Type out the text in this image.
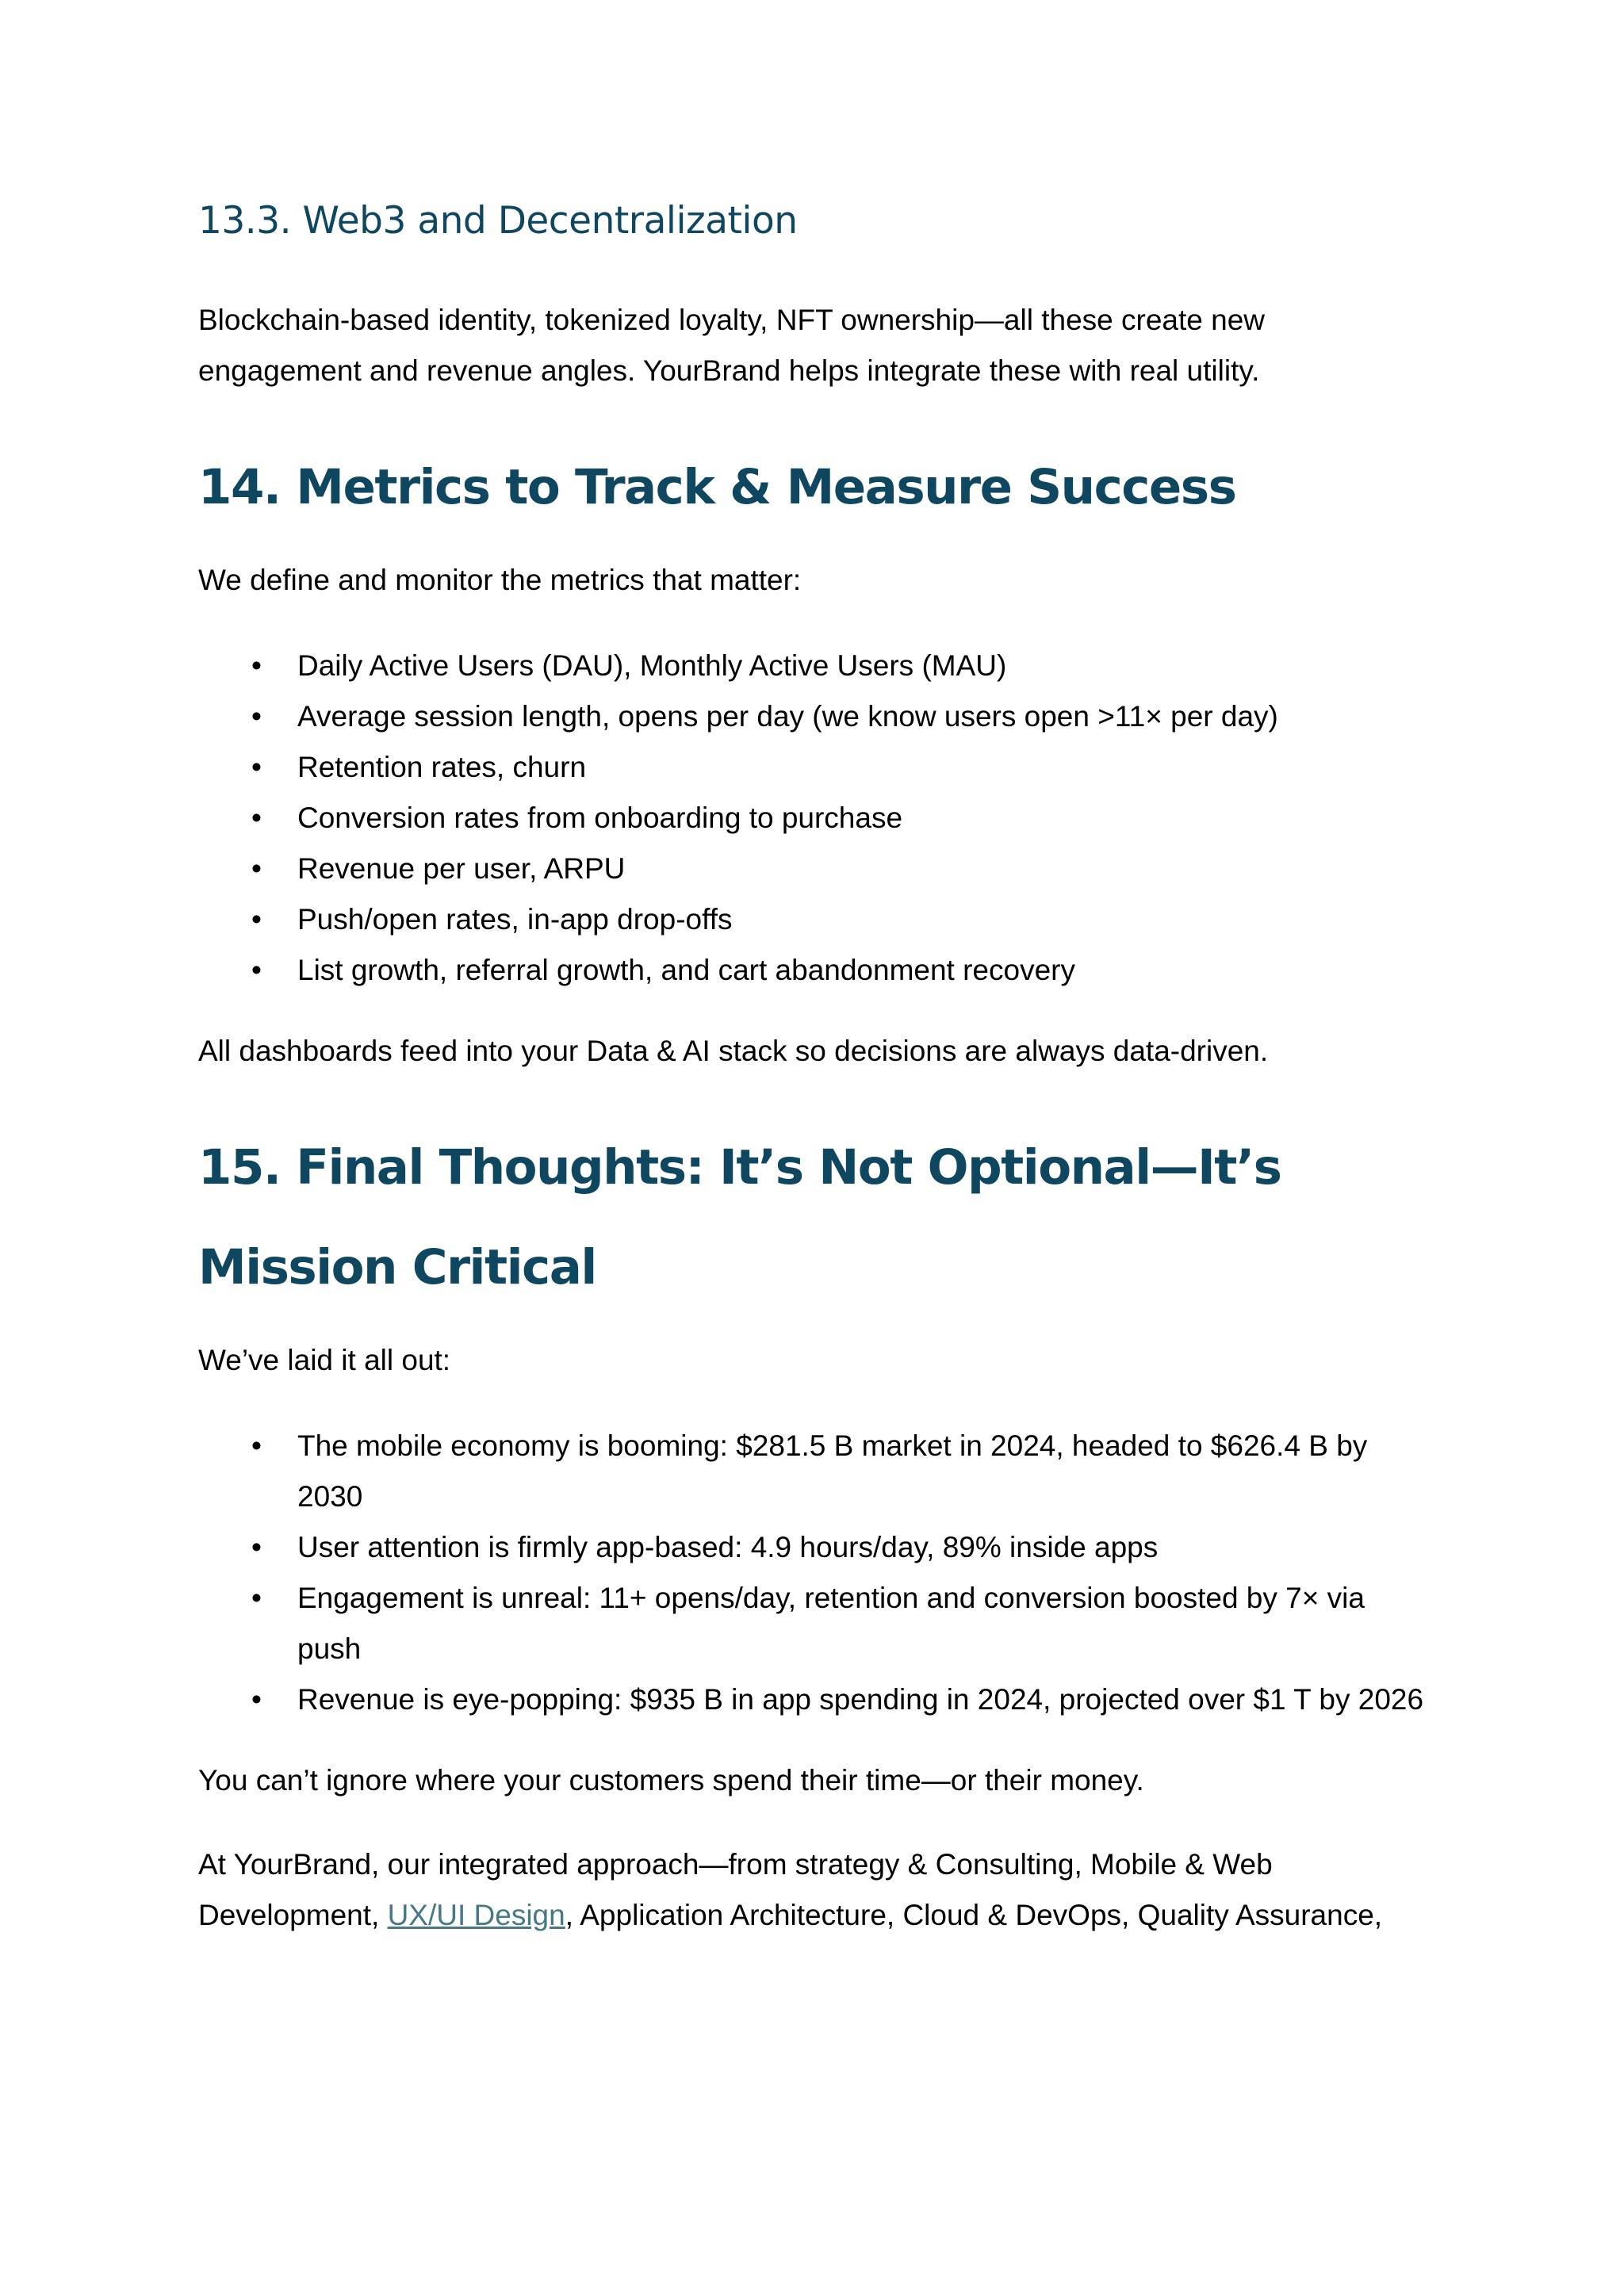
13.3. Web3 and Decentralization

Blockchain-based identity, tokenized loyalty, NFT ownership—all these create new engagement and revenue angles. YourBrand helps integrate these with real utility.

14. Metrics to Track & Measure Success

We define and monitor the metrics that matter:

• Daily Active Users (DAU), Monthly Active Users (MAU)
• Average session length, opens per day (we know users open >11× per day)
• Retention rates, churn
• Conversion rates from onboarding to purchase
• Revenue per user, ARPU
• Push/open rates, in-app drop-offs
• List growth, referral growth, and cart abandonment recovery

All dashboards feed into your Data & AI stack so decisions are always data-driven.

15. Final Thoughts: It’s Not Optional—It’s Mission Critical

We’ve laid it all out:

• The mobile economy is booming: $281.5 B market in 2024, headed to $626.4 B by 2030
• User attention is firmly app-based: 4.9 hours/day, 89% inside apps
• Engagement is unreal: 11+ opens/day, retention and conversion boosted by 7× via push
• Revenue is eye-popping: $935 B in app spending in 2024, projected over $1 T by 2026

You can’t ignore where your customers spend their time—or their money.

At YourBrand, our integrated approach—from strategy & Consulting, Mobile & Web Development, UX/UI Design, Application Architecture, Cloud & DevOps, Quality Assurance,
